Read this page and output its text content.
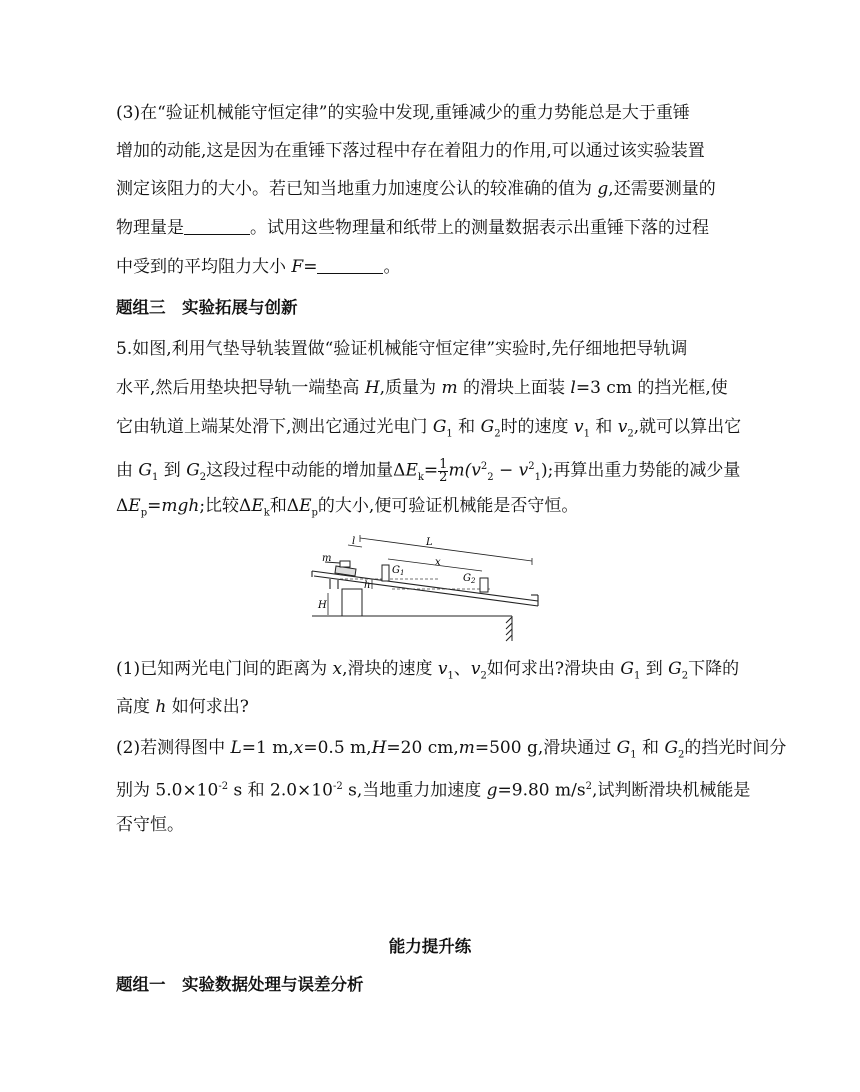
(3)在“验证机械能守恒定律”的实验中发现,重锤减少的重力势能总是大于重锤
增加的动能,这是因为在重锤下落过程中存在着阻力的作用,可以通过该实验装置
测定该阻力的大小。若已知当地重力加速度公认的较准确的值为 g,还需要测量的
物理量是	。试用这些物理量和纸带上的测量数据表示出重锤下落的过程
中受到的平均阻力大小 F=	。
题组三　实验拓展与创新
5.如图,利用气垫导轨装置做“验证机械能守恒定律”实验时,先仔细地把导轨调
水平,然后用垫块把导轨一端垫高 H,质量为 m 的滑块上面装 l=3 cm 的挡光框,使
它由轨道上端某处滑下,测出它通过光电门 $G_1$ 和 $G_2$时的速度 $v_1$ 和 $v_2$,就可以算出它
由 $G_1$ 到 $G_2$这段过程中动能的增加量$\Delta E_k= \frac{1}{2} m(v^2_2 - v^2_1)$;再算出重力势能的减少量
$\Delta E_p=mgh$;比较$\Delta E_k$和$\Delta E_p$的大小,便可验证机械能是否守恒。
m
l	L
x
$G_1$	$G_2$
H
h
(1)已知两光电门间的距离为 x,滑块的速度 $v_1$、$v_2$如何求出?滑块由 $G_1$ 到 $G_2$下降的
高度 h 如何求出?
(2)若测得图中 L=1 m,x=0.5 m,H=20 cm,m=500 g,滑块通过 $G_1$ 和 $G_2$的挡光时间分
别为 $5.0\times 10^{-2}$ s 和 $2.0\times 10^{-2}$ s,当地重力加速度 g=9.80 $m/s^2$,试判断滑块机械能是
否守恒。
能力提升练
题组一　实验数据处理与误差分析
